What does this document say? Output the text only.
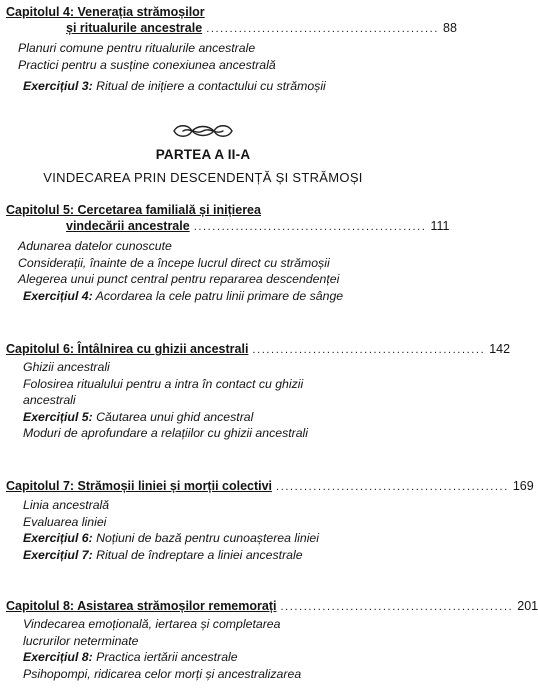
Capitolul 4: Venerația strămoșilor
și ritualurile ancestrale .................................................. 88
Planuri comune pentru ritualurile ancestrale
Practici pentru a susține conexiunea ancestrală
Exercițiul 3: Ritual de inițiere a contactului cu strămoșii
PARTEA A II-A
VINDECAREA PRIN DESCENDENȚĂ ȘI STRĂMOȘI
Capitolul 5: Cercetarea familială și inițierea
vindecării ancestrale .................................................. 111
Adunarea datelor cunoscute
Considerații, înainte de a începe lucrul direct cu strămoșii
Alegerea unui punct central pentru repararea descendenței
Exercițiul 4: Acordarea la cele patru linii primare de sânge
Capitolul 6: Întâlnirea cu ghizii ancestrali .................................................. 142
Ghizii ancestrali
Folosirea ritualului pentru a intra în contact cu ghizii
ancestrali
Exercițiul 5: Căutarea unui ghid ancestral
Moduri de aprofundare a relațiilor cu ghizii ancestrali
Capitolul 7: Strămoșii liniei și morții colectivi .................................................. 169
Linia ancestrală
Evaluarea liniei
Exercițiul 6: Noțiuni de bază pentru cunoașterea liniei
Exercițiul 7: Ritual de îndreptare a liniei ancestrale
Capitolul 8: Asistarea strămoșilor rememorați .................................................. 201
Vindecarea emoțională, iertarea și completarea
lucrurilor neterminate
Exercițiul 8: Practica iertării ancestrale
Psihopompi, ridicarea celor morți și ancestralizarea
